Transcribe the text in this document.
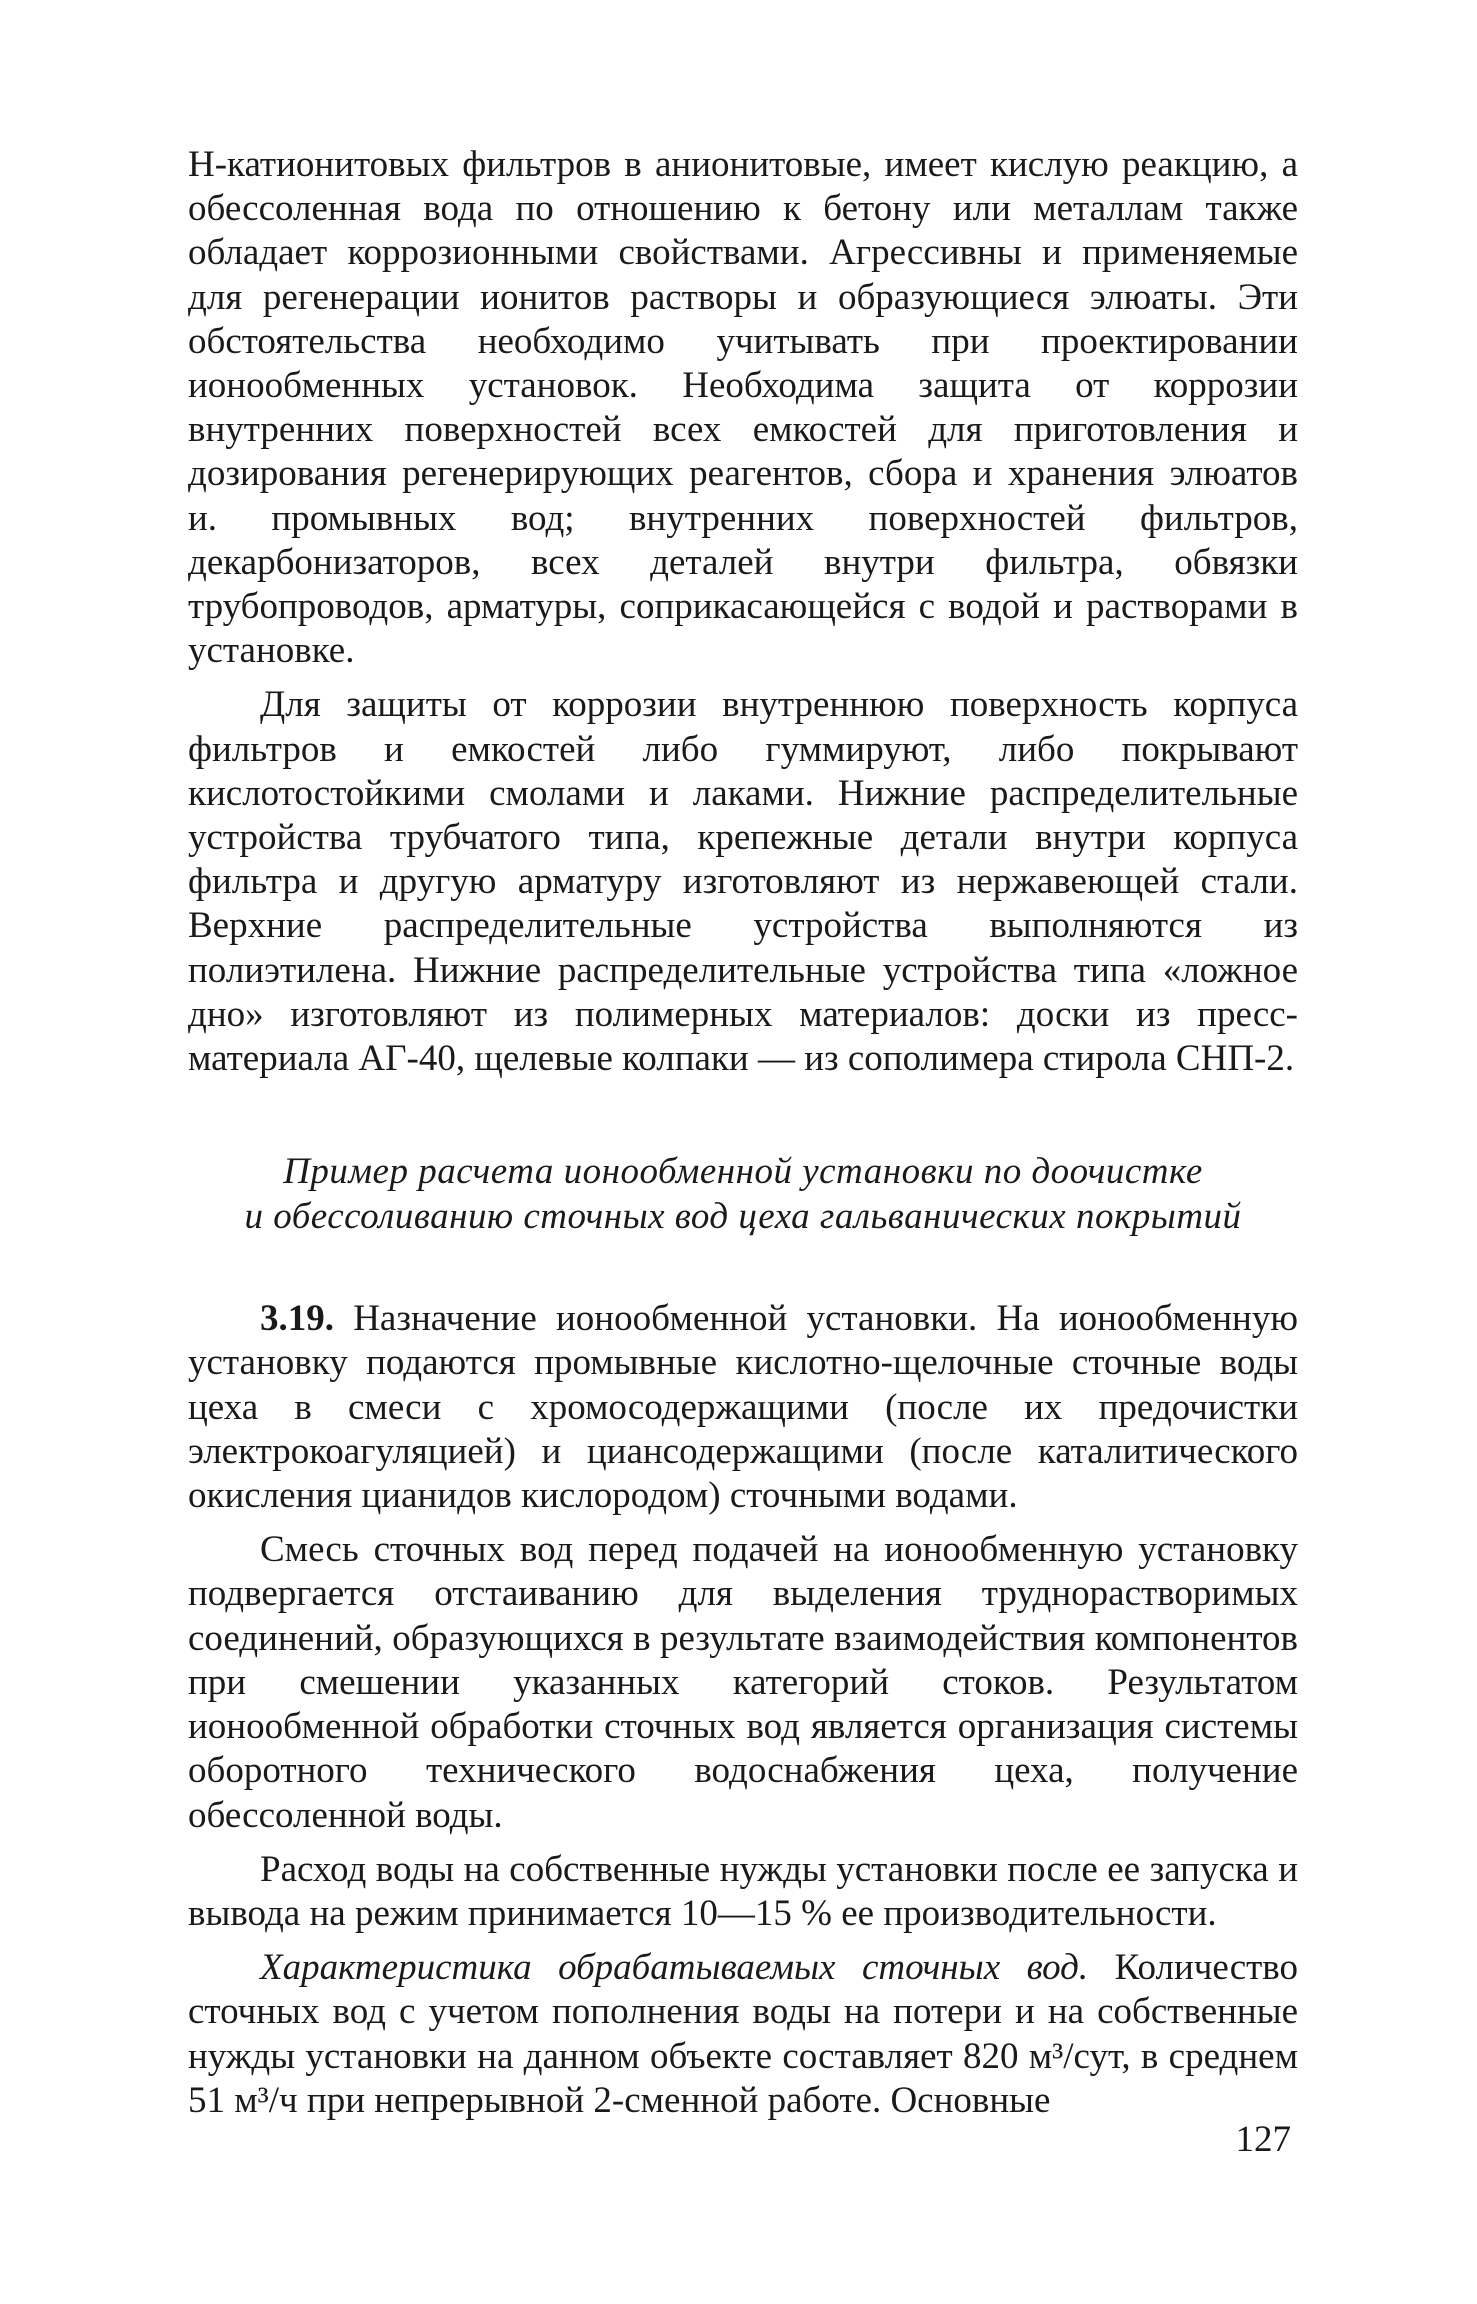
Н-катионитовых фильтров в анионитовые, имеет кислую реакцию, а обессоленная вода по отношению к бетону или металлам также обладает коррозионными свойствами. Агрессивны и применяемые для регенерации ионитов растворы и образующиеся элюаты. Эти обстоятельства необходимо учитывать при проектировании ионообменных установок. Необходима защита от коррозии внутренних поверхностей всех емкостей для приготовления и дозирования регенерирующих реагентов, сбора и хранения элюатов и. промывных вод; внутренних поверхностей фильтров, декарбонизаторов, всех деталей внутри фильтра, обвязки трубопроводов, арматуры, соприкасающейся с водой и растворами в установке.

Для защиты от коррозии внутреннюю поверхность корпуса фильтров и емкостей либо гуммируют, либо покрывают кислотостойкими смолами и лаками. Нижние распределительные устройства трубчатого типа, крепежные детали внутри корпуса фильтра и другую арматуру изготовляют из нержавеющей стали. Верхние распределительные устройства выполняются из полиэтилена. Нижние распределительные устройства типа «ложное дно» изготовляют из полимерных материалов: доски из пресс-материала АГ-40, щелевые колпаки — из сополимера стирола СНП-2.

Пример расчета ионообменной установки по доочистке
и обессоливанию сточных вод цеха гальванических покрытий

3.19. Назначение ионообменной установки. На ионообменную установку подаются промывные кислотно-щелочные сточные воды цеха в смеси с хромосодержащими (после их предочистки электрокоагуляцией) и циансодержащими (после каталитического окисления цианидов кислородом) сточными водами.

Смесь сточных вод перед подачей на ионообменную установку подвергается отстаиванию для выделения труднорастворимых соединений, образующихся в результате взаимодействия компонентов при смешении указанных категорий стоков. Результатом ионообменной обработки сточных вод является организация системы оборотного технического водоснабжения цеха, получение обессоленной воды.

Расход воды на собственные нужды установки после ее запуска и вывода на режим принимается 10—15 % ее производительности.

Характеристика обрабатываемых сточных вод. Количество сточных вод с учетом пополнения воды на потери и на собственные нужды установки на данном объекте составляет 820 м³/сут, в среднем 51 м³/ч при непрерывной 2-сменной работе. Основные

127
